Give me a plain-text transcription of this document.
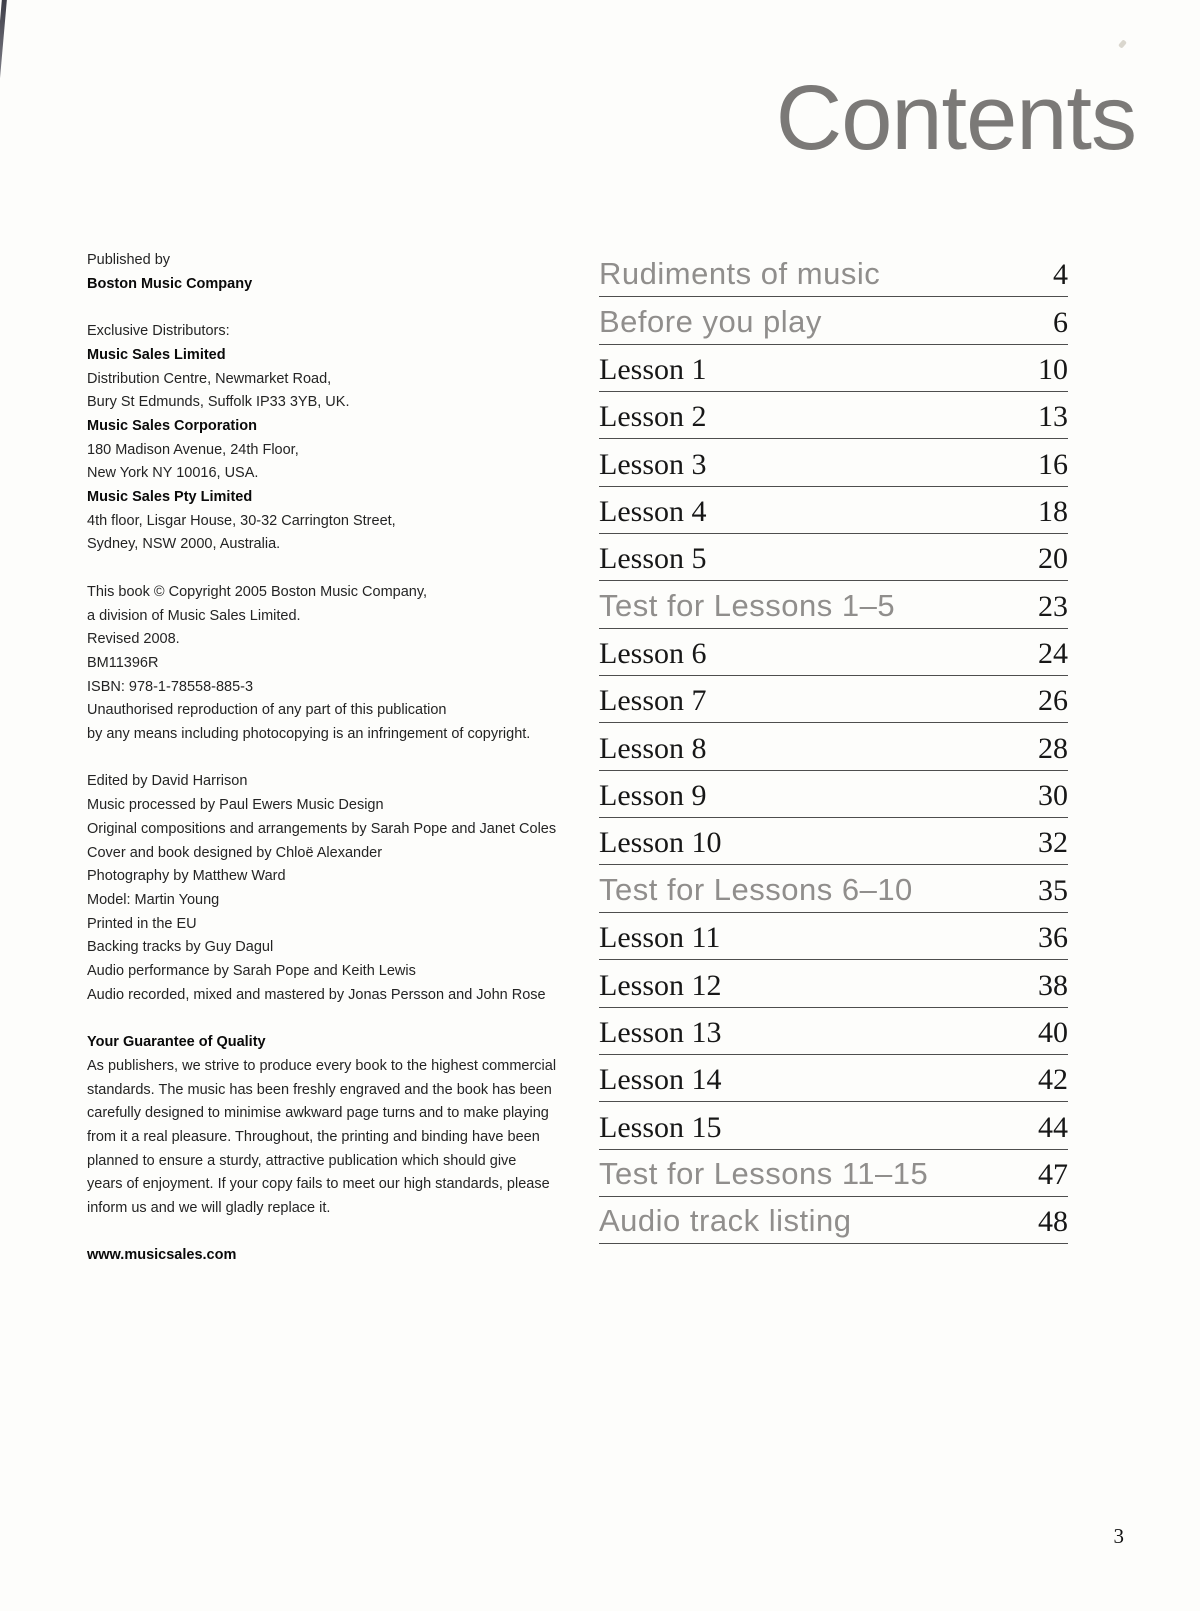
Contents

Published by

Boston Music Company

Exclusive Distributors:

Music Sales Limited

Distribution Centre, Newmarket Road,

Bury St Edmunds, Suffolk IP33 3YB, UK.

Music Sales Corporation

180 Madison Avenue, 24th Floor,

New York NY 10016, USA.

Music Sales Pty Limited

4th floor, Lisgar House, 30-32 Carrington Street,

Sydney, NSW 2000, Australia.

This book © Copyright 2005 Boston Music Company,

a division of Music Sales Limited.

Revised 2008.

BM11396R

ISBN: 978-1-78558-885-3

Unauthorised reproduction of any part of this publication

by any means including photocopying is an infringement of copyright.

Edited by David Harrison

Music processed by Paul Ewers Music Design

Original compositions and arrangements by Sarah Pope and Janet Coles

Cover and book designed by Chloë Alexander

Photography by Matthew Ward

Model: Martin Young

Printed in the EU

Backing tracks by Guy Dagul

Audio performance by Sarah Pope and Keith Lewis

Audio recorded, mixed and mastered by Jonas Persson and John Rose

Your Guarantee of Quality

As publishers, we strive to produce every book to the highest commercial

standards. The music has been freshly engraved and the book has been

carefully designed to minimise awkward page turns and to make playing

from it a real pleasure. Throughout, the printing and binding have been

planned to ensure a sturdy, attractive publication which should give

years of enjoyment. If your copy fails to meet our high standards, please

inform us and we will gladly replace it.

www.musicsales.com

Rudiments of music	4
Before you play	6
Lesson 1	10
Lesson 2	13
Lesson 3	16
Lesson 4	18
Lesson 5	20
Test for Lessons 1–5	23
Lesson 6	24
Lesson 7	26
Lesson 8	28
Lesson 9	30
Lesson 10	32
Test for Lessons 6–10	35
Lesson 11	36
Lesson 12	38
Lesson 13	40
Lesson 14	42
Lesson 15	44
Test for Lessons 11–15	47
Audio track listing	48
3
